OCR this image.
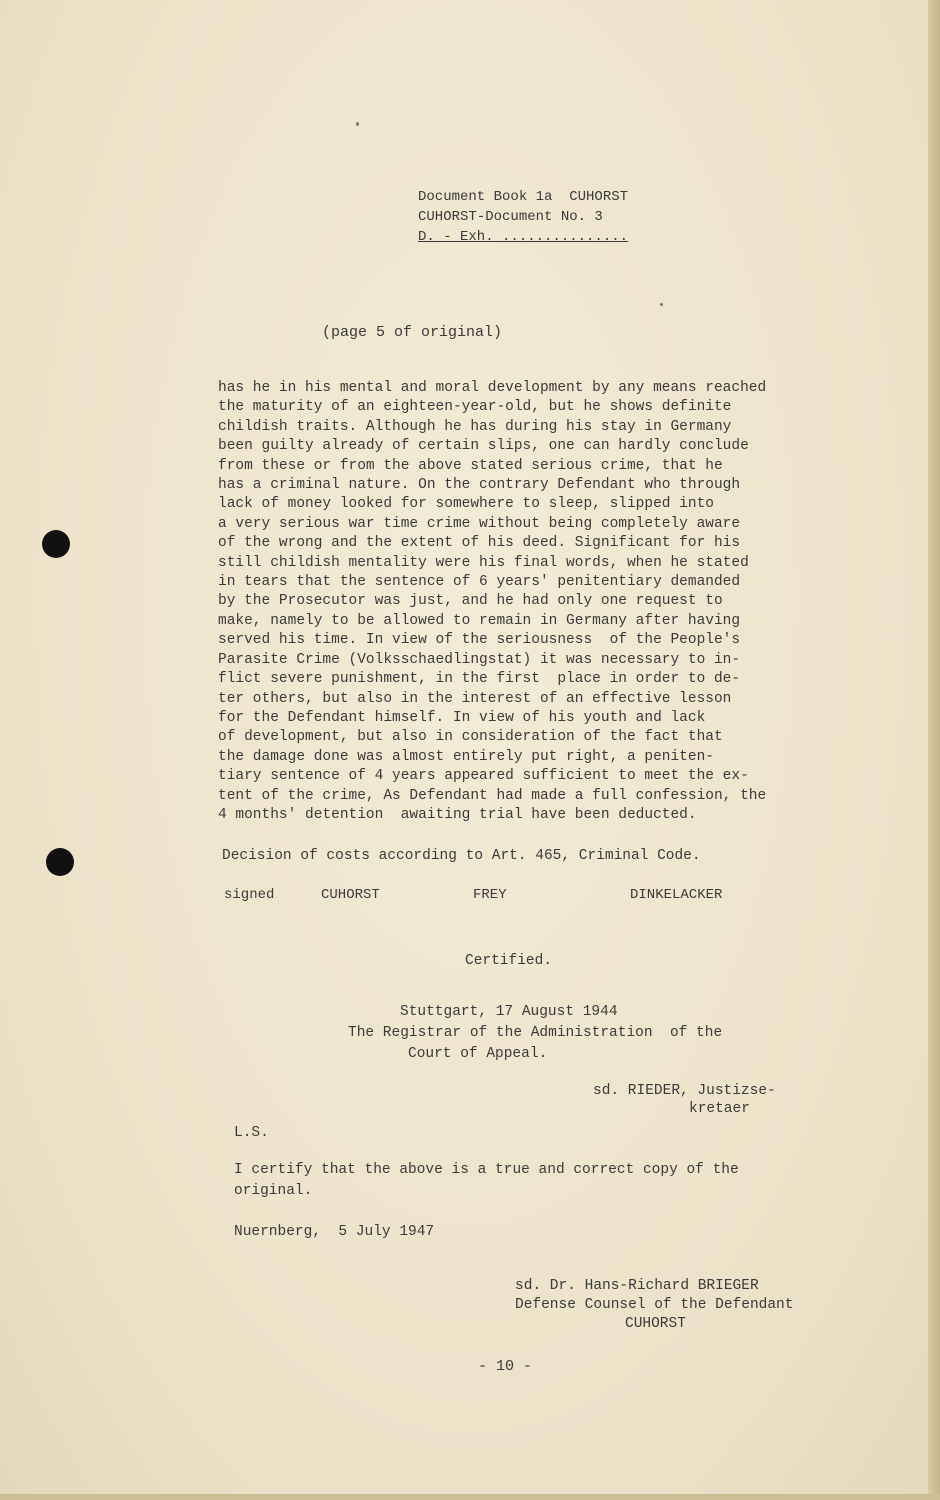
Document Book 1a  CUHORST
CUHORST-Document No. 3
D. - Exh. ...............
(page 5 of original)
has he in his mental and moral development by any means reached
the maturity of an eighteen-year-old, but he shows definite
childish traits. Although he has during his stay in Germany
been guilty already of certain slips, one can hardly conclude
from these or from the above stated serious crime, that he
has a criminal nature. On the contrary Defendant who through
lack of money looked for somewhere to sleep, slipped into
a very serious war time crime without being completely aware
of the wrong and the extent of his deed. Significant for his
still childish mentality were his final words, when he stated
in tears that the sentence of 6 years' penitentiary demanded
by the Prosecutor was just, and he had only one request to
make, namely to be allowed to remain in Germany after having
served his time. In view of the seriousness  of the People's
Parasite Crime (Volksschaedlingstat) it was necessary to in-
flict severe punishment, in the first  place in order to de-
ter others, but also in the interest of an effective lesson
for the Defendant himself. In view of his youth and lack
of development, but also in consideration of the fact that
the damage done was almost entirely put right, a peniten-
tiary sentence of 4 years appeared sufficient to meet the ex-
tent of the crime, As Defendant had made a full confession, the
4 months' detention  awaiting trial have been deducted.
Decision of costs according to Art. 465, Criminal Code.
signed	CUHORST	FREY	DINKELACKER
Certified.
Stuttgart, 17 August 1944
The Registrar of the Administration  of the
Court of Appeal.
sd. RIEDER, Justizse-
kretaer
L.S.
I certify that the above is a true and correct copy of the
original.
Nuernberg,  5 July 1947
sd. Dr. Hans-Richard BRIEGER
Defense Counsel of the Defendant
CUHORST
- 10 -
